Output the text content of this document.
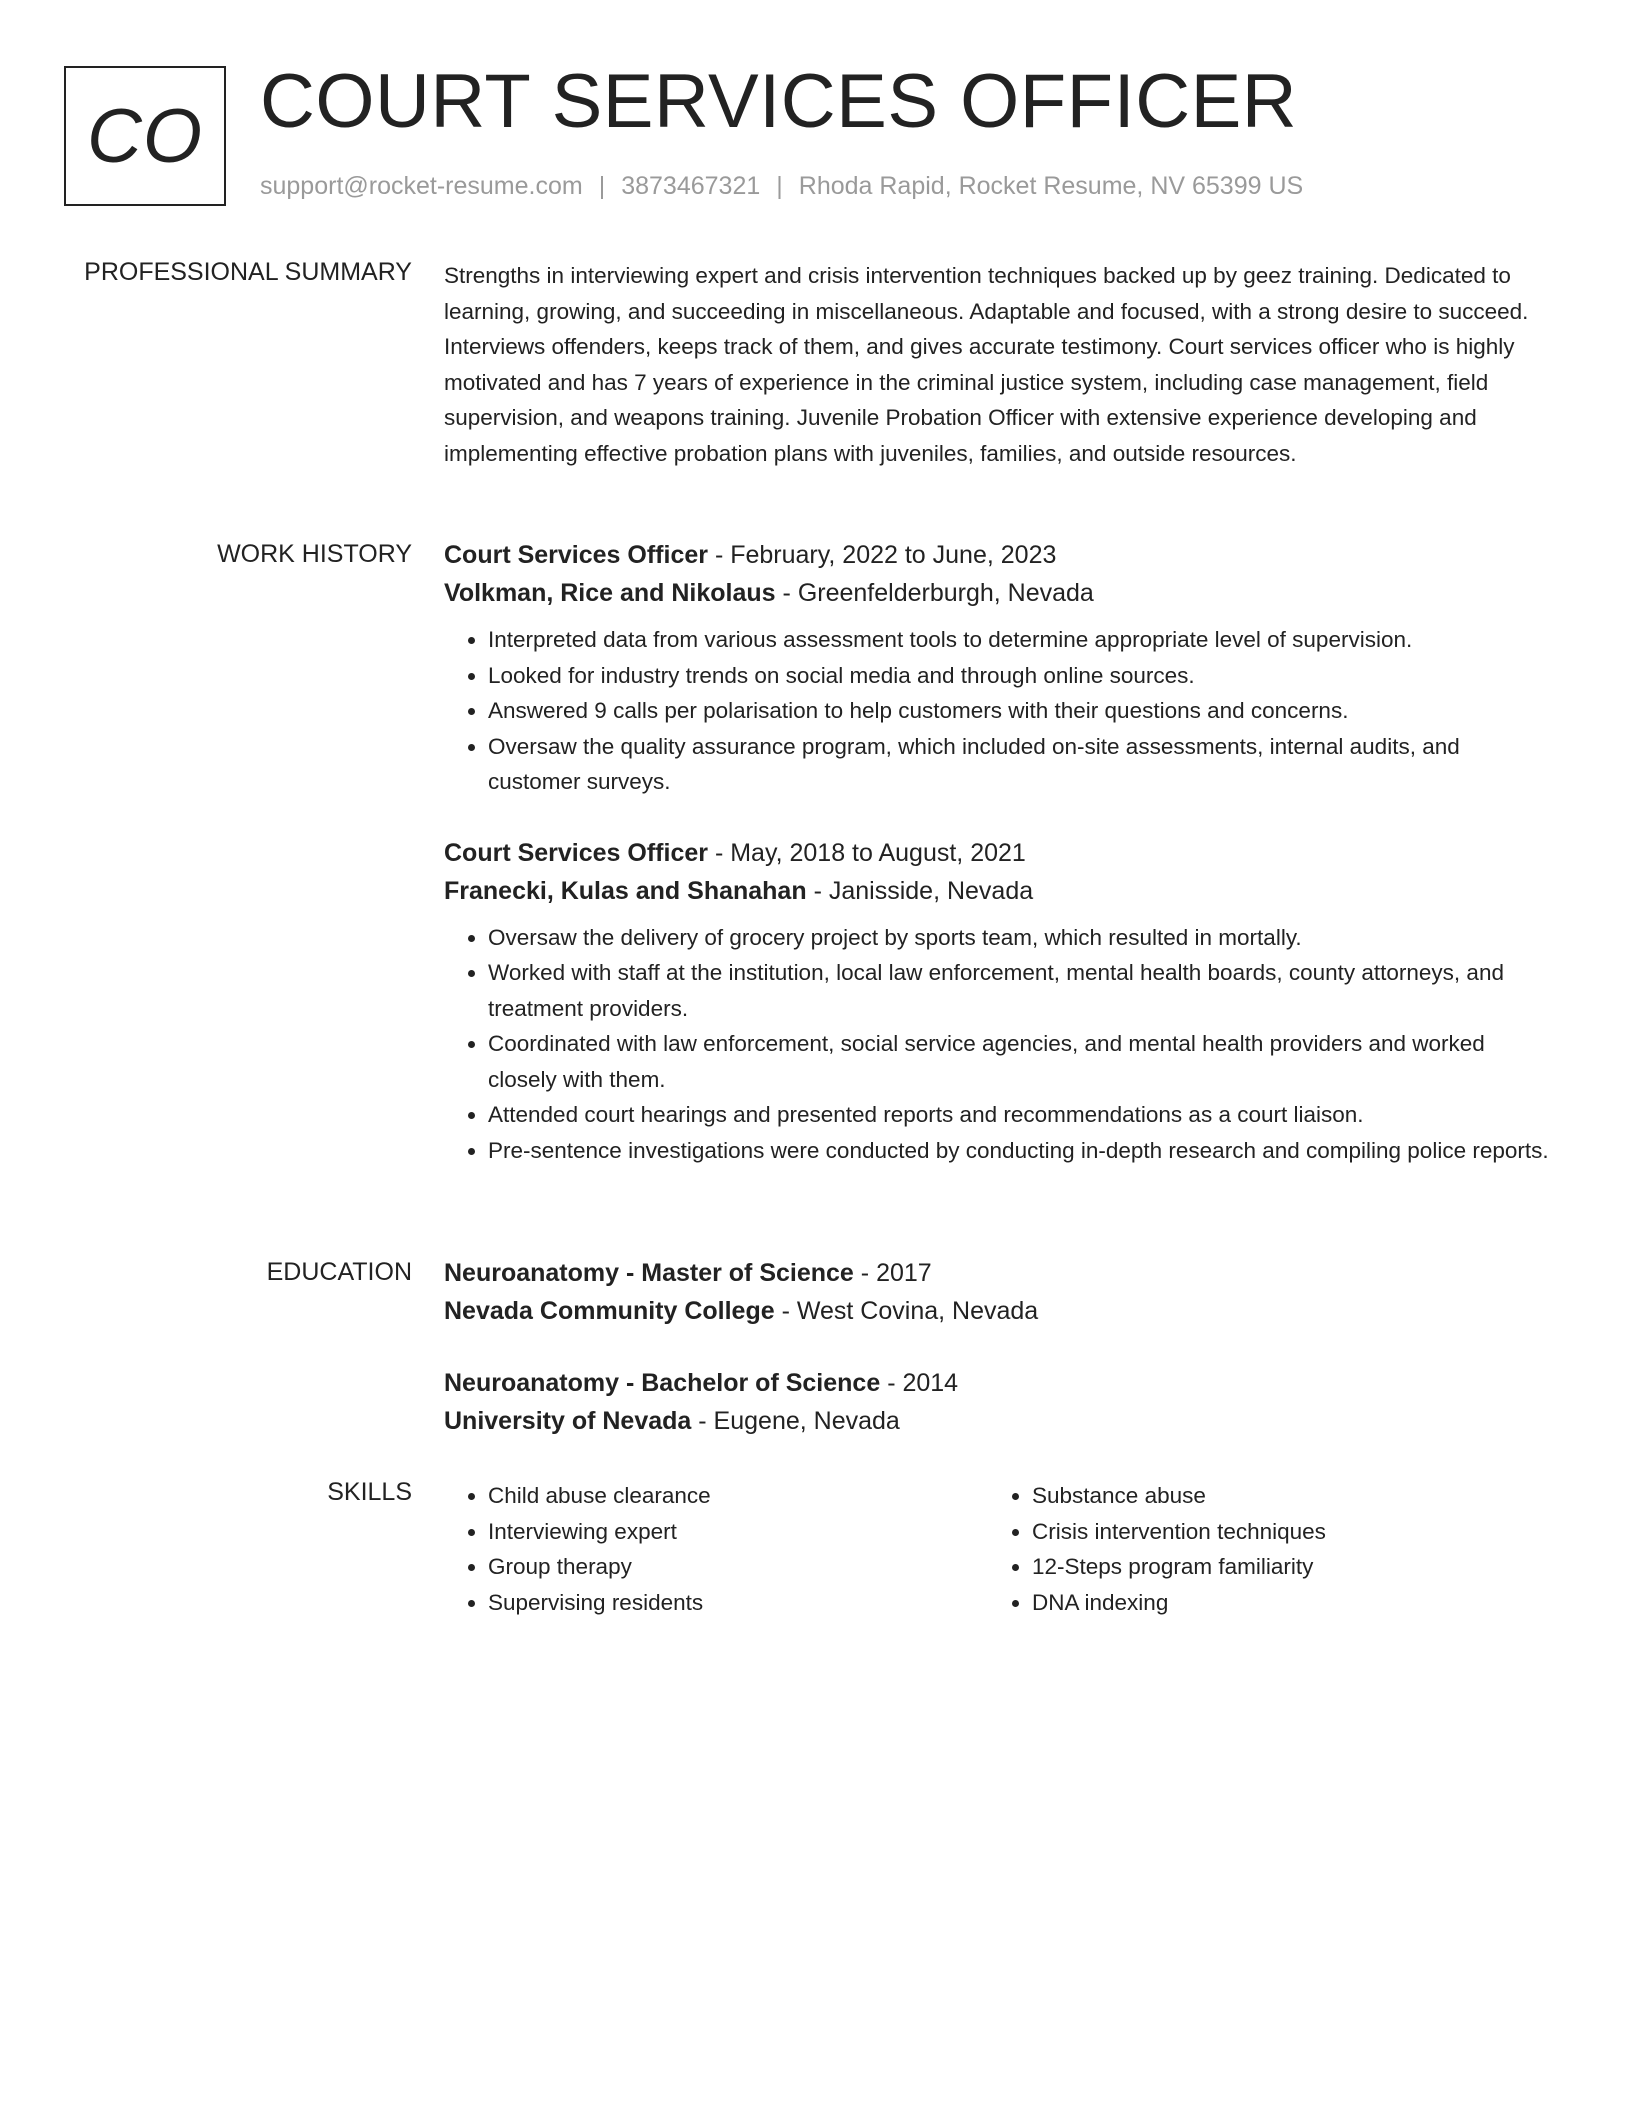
CO COURT SERVICES OFFICER
support@rocket-resume.com | 3873467321 | Rhoda Rapid, Rocket Resume, NV 65399 US
PROFESSIONAL SUMMARY Strengths in interviewing expert and crisis intervention techniques backed up by geez training. Dedicated to learning, growing, and succeeding in miscellaneous. Adaptable and focused, with a strong desire to succeed. Interviews offenders, keeps track of them, and gives accurate testimony. Court services officer who is highly motivated and has 7 years of experience in the criminal justice system, including case management, field supervision, and weapons training. Juvenile Probation Officer with extensive experience developing and implementing effective probation plans with juveniles, families, and outside resources.

WORK HISTORY Court Services Officer - February, 2022 to June, 2023
Volkman, Rice and Nikolaus - Greenfelderburgh, Nevada
• Interpreted data from various assessment tools to determine appropriate level of supervision.
• Looked for industry trends on social media and through online sources.
• Answered 9 calls per polarisation to help customers with their questions and concerns.
• Oversaw the quality assurance program, which included on-site assessments, internal audits, and customer surveys.
Court Services Officer - May, 2018 to August, 2021
Franecki, Kulas and Shanahan - Janisside, Nevada
• Oversaw the delivery of grocery project by sports team, which resulted in mortally.
• Worked with staff at the institution, local law enforcement, mental health boards, county attorneys, and treatment providers.
• Coordinated with law enforcement, social service agencies, and mental health providers and worked closely with them.
• Attended court hearings and presented reports and recommendations as a court liaison.
• Pre-sentence investigations were conducted by conducting in-depth research and compiling police reports.
EDUCATION Neuroanatomy - Master of Science - 2017
Nevada Community College - West Covina, Nevada
Neuroanatomy - Bachelor of Science - 2014
University of Nevada - Eugene, Nevada
SKILLS
•	Child abuse clearance
• Interviewing expert
• Group therapy
• Supervising residents
• Substance abuse
• Crisis intervention techniques
• 12-Steps program familiarity
• DNA indexing
